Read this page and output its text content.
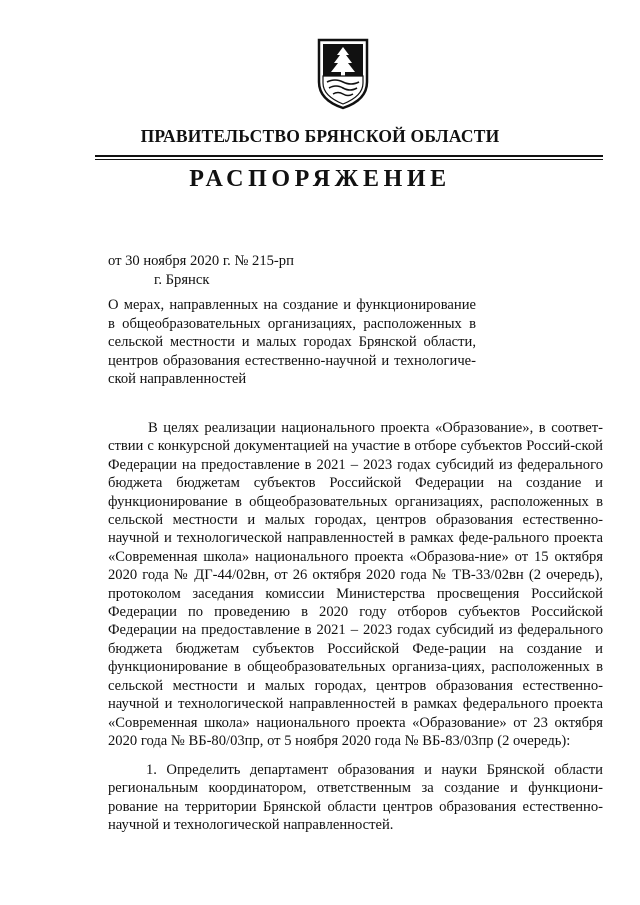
ПРАВИТЕЛЬСТВО БРЯНСКОЙ ОБЛАСТИ
РАСПОРЯЖЕНИЕ
от 30 ноября 2020 г. № 215-рп
г. Брянск
О мерах, направленных на создание и функционирование в общеобразовательных организациях, расположенных в сельской местности и малых городах Брянской области, центров образования естественно-научной и технологиче-ской направленностей
В целях реализации национального проекта «Образование», в соответ-ствии с конкурсной документацией на участие в отборе субъектов Россий-ской Федерации на предоставление в 2021 – 2023 годах субсидий из федерального бюджета бюджетам субъектов Российской Федерации на создание и функционирование в общеобразовательных организациях, расположенных в сельской местности и малых городах, центров образования естественно-научной и технологической направленностей в рамках феде-рального проекта «Современная школа» национального проекта «Образова-ние» от 15 октября 2020 года № ДГ-44/02вн, от 26 октября 2020 года № ТВ-33/02вн (2 очередь), протоколом заседания комиссии Министерства просвещения Российской Федерации по проведению в 2020 году отборов субъектов Российской Федерации на предоставление в 2021 – 2023 годах субсидий из федерального бюджета бюджетам субъектов Российской Феде-рации на создание и функционирование в общеобразовательных организа-циях, расположенных в сельской местности и малых городах, центров образования естественно-научной и технологической направленностей в рамках федерального проекта «Современная школа» национального проекта «Образование» от 23 октября 2020 года № ВБ-80/03пр, от 5 ноября 2020 года № ВБ-83/03пр (2 очередь):
1. Определить департамент образования и науки Брянской области региональным координатором, ответственным за создание и функциони-рование на территории Брянской области центров образования естественно-научной и технологической направленностей.
